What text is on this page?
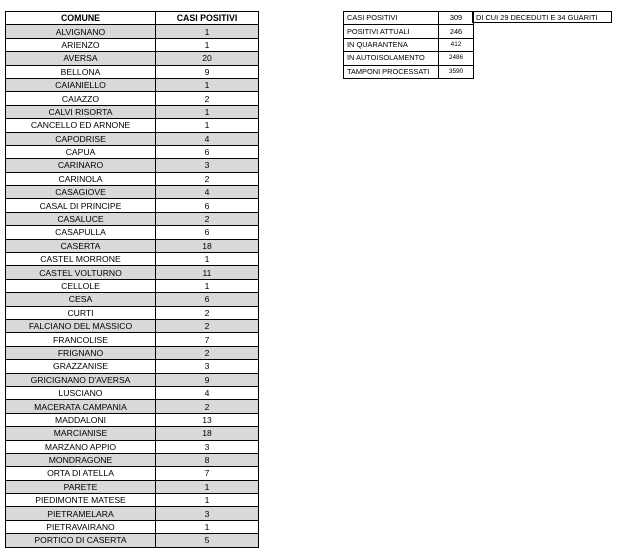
COMUNE	CASI POSITIVI
ALVIGNANO	1
ARIENZO	1
AVERSA	20
BELLONA	9
CAIANIELLO	1
CAIAZZO	2
CALVI RISORTA	1
CANCELLO ED ARNONE	1
CAPODRISE	4
CAPUA	6
CARINARO	3
CARINOLA	2
CASAGIOVE	4
CASAL DI PRINCIPE	6
CASALUCE	2
CASAPULLA	6
CASERTA	18
CASTEL MORRONE	1
CASTEL VOLTURNO	11
CELLOLE	1
CESA	6
CURTI	2
FALCIANO DEL MASSICO	2
FRANCOLISE	7
FRIGNANO	2
GRAZZANISE	3
GRICIGNANO D'AVERSA	9
LUSCIANO	4
MACERATA CAMPANIA	2
MADDALONI	13
MARCIANISE	18
MARZANO APPIO	3
MONDRAGONE	8
ORTA DI ATELLA	7
PARETE	1
PIEDIMONTE MATESE	1
PIETRAMELARA	3
PIETRAVAIRANO	1
PORTICO DI CASERTA	5
CASI POSITIVI	309
POSITIVI ATTUALI	246
IN QUARANTENA	412
IN AUTOISOLAMENTO	2486
TAMPONI PROCESSATI	3590
DI CUI 29 DECEDUTI E 34 GUARITI
